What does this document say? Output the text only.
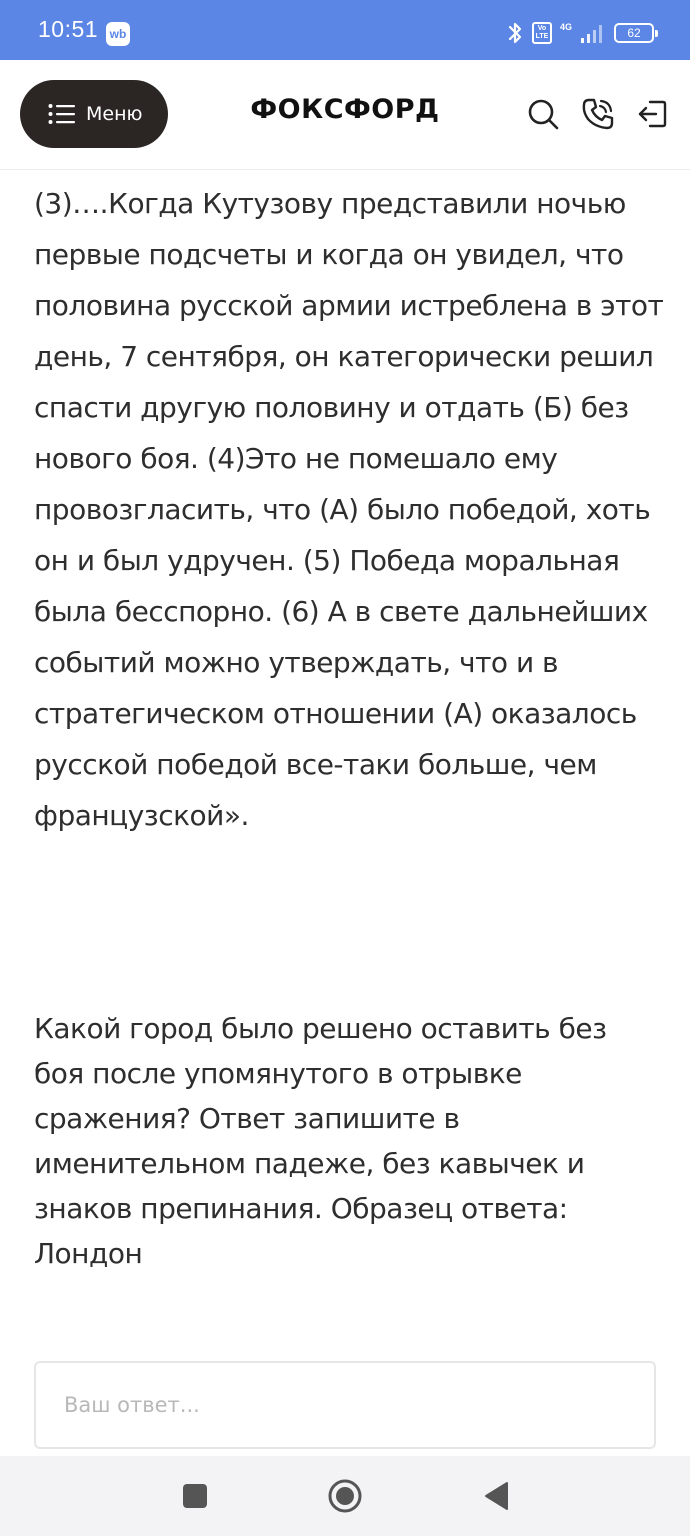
10:51 wb	Vo LTE
4G	62
Меню	ФОКСФОРД

(3)….Когда Кутузову представили ночью первые подсчеты и когда он увидел, что половина русской армии истреблена в этот день, 7 сентября, он категорически решил спасти другую половину и отдать (Б) без нового боя. (4)Это не помешало ему провозгласить, что (А) было победой, хоть он и был удручен. (5) Победа моральная была бесспорно. (6) А в свете дальнейших событий можно утверждать, что и в стратегическом отношении (А) оказалось русской победой все-таки больше, чем французской».

Какой город было решено оставить без боя после упомянутого в отрывке сражения? Ответ запишите в именительном падеже, без кавычек и знаков препинания. Образец ответа: Лондон

Ваш ответ...
